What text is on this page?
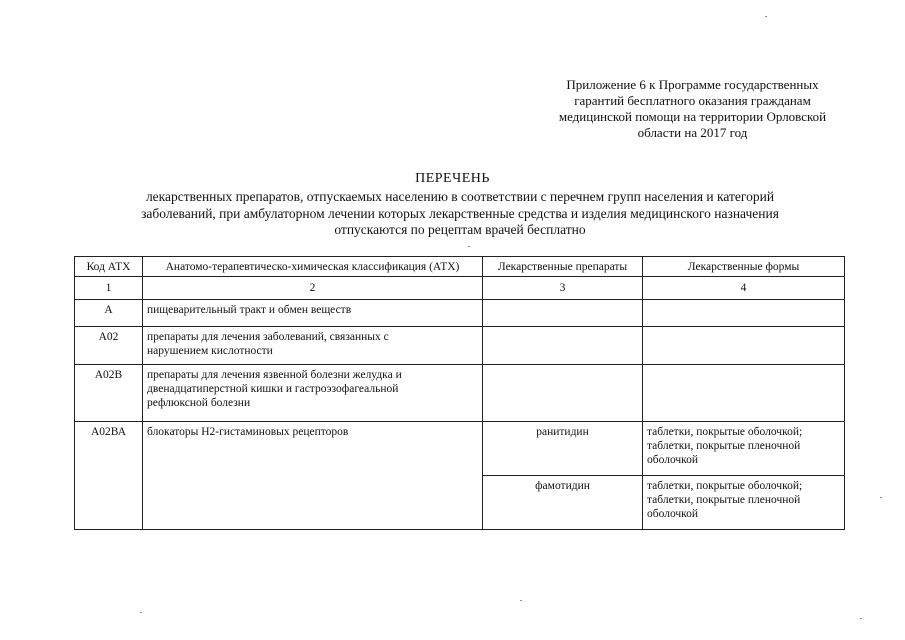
Приложение 6 к Программе государственных
гарантий бесплатного оказания гражданам
медицинской помощи на территории Орловской
области на 2017 год
ПЕРЕЧЕНЬ
лекарственных препаратов, отпускаемых населению в соответствии с перечнем групп населения и категорий
заболеваний, при амбулаторном лечении которых лекарственные средства и изделия медицинского назначения
отпускаются по рецептам врачей бесплатно
Код АТХ	Анатомо-терапевтическо-химическая классификация (АТХ)	Лекарственные препараты	Лекарственные формы
1	2	3	4
А	пищеварительный тракт и обмен веществ		

А02	препараты для лечения заболеваний, связанных с
нарушением кислотности		

А02В	препараты для лечения язвенной болезни желудка и
двенадцатиперстной кишки и гастроэзофагеальной
рефлюксной болезни		

А02ВА	блокаторы Н2-гистаминовых рецепторов	ранитидин	таблетки, покрытые оболочкой;
таблетки, покрытые пленочной
оболочкой

		фамотидин	таблетки, покрытые оболочкой;
таблетки, покрытые пленочной
оболочкой
